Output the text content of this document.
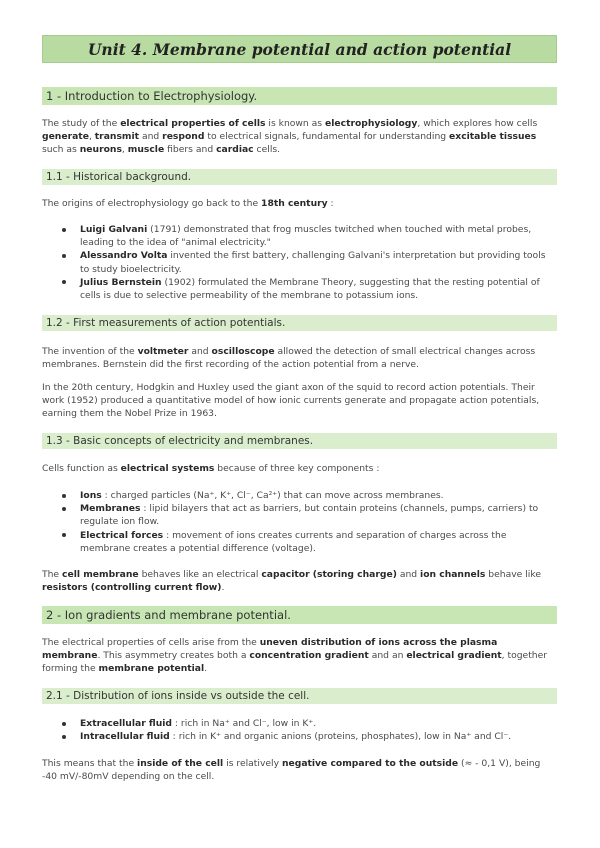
Unit 4. Membrane potential and action potential
1 - Introduction to Electrophysiology.

The study of the electrical properties of cells is known as electrophysiology, which explores how cells generate, transmit and respond to electrical signals, fundamental for understanding excitable tissues such as neurons, muscle fibers and cardiac cells.

1.1 - Historical background.

The origins of electrophysiology go back to the 18th century :

Luigi Galvani (1791) demonstrated that frog muscles twitched when touched with metal probes, leading to the idea of "animal electricity."
Alessandro Volta invented the first battery, challenging Galvani's interpretation but providing tools to study bioelectricity.
Julius Bernstein (1902) formulated the Membrane Theory, suggesting that the resting potential of cells is due to selective permeability of the membrane to potassium ions.
1.2 - First measurements of action potentials.

The invention of the voltmeter and oscilloscope allowed the detection of small electrical changes across membranes. Bernstein did the first recording of the action potential from a nerve.

In the 20th century, Hodgkin and Huxley used the giant axon of the squid to record action potentials. Their work (1952) produced a quantitative model of how ionic currents generate and propagate action potentials, earning them the Nobel Prize in 1963.

1.3 - Basic concepts of electricity and membranes.

Cells function as electrical systems because of three key components :

Ions : charged particles (Na⁺, K⁺, Cl⁻, Ca²⁺) that can move across membranes.
Membranes : lipid bilayers that act as barriers, but contain proteins (channels, pumps, carriers) to regulate ion flow.
Electrical forces : movement of ions creates currents and separation of charges across the membrane creates a potential difference (voltage).

The cell membrane behaves like an electrical capacitor (storing charge) and ion channels behave like resistors (controlling current flow).

2 - Ion gradients and membrane potential.

The electrical properties of cells arise from the uneven distribution of ions across the plasma membrane. This asymmetry creates both a concentration gradient and an electrical gradient, together forming the membrane potential.

2.1 - Distribution of ions inside vs outside the cell.
Extracellular fluid : rich in Na⁺ and Cl⁻, low in K⁺.
Intracellular fluid : rich in K⁺ and organic anions (proteins, phosphates), low in Na⁺ and Cl⁻.

This means that the inside of the cell is relatively negative compared to the outside (≈ - 0,1 V), being -40 mV/-80mV depending on the cell.
